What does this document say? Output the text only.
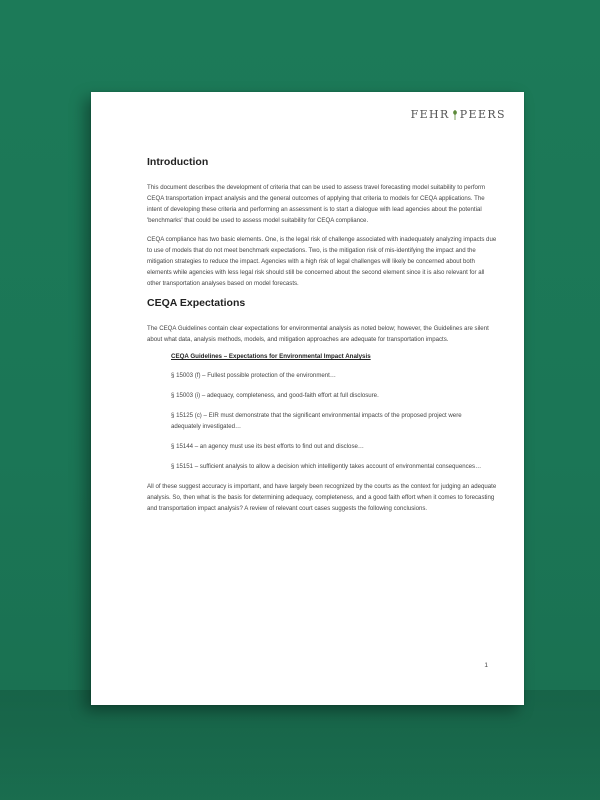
FEHR PEERS
Introduction

This document describes the development of criteria that can be used to assess travel forecasting model suitability to perform CEQA transportation impact analysis and the general outcomes of applying that criteria to models for CEQA applications. The intent of developing these criteria and performing an assessment is to start a dialogue with lead agencies about the potential 'benchmarks' that could be used to assess model suitability for CEQA compliance.

CEQA compliance has two basic elements. One, is the legal risk of challenge associated with inadequately analyzing impacts due to use of models that do not meet benchmark expectations. Two, is the mitigation risk of mis-identifying the impact and the mitigation strategies to reduce the impact. Agencies with a high risk of legal challenges will likely be concerned about both elements while agencies with less legal risk should still be concerned about the second element since it is also relevant for all other transportation analyses based on model forecasts.

CEQA Expectations

The CEQA Guidelines contain clear expectations for environmental analysis as noted below; however, the Guidelines are silent about what data, analysis methods, models, and mitigation approaches are adequate for transportation impacts.

CEQA Guidelines – Expectations for Environmental Impact Analysis
§ 15003 (f) – Fullest possible protection of the environment…
§ 15003 (i) – adequacy, completeness, and good-faith effort at full disclosure.
§ 15125 (c) – EIR must demonstrate that the significant environmental impacts of the proposed project were adequately investigated…
§ 15144 – an agency must use its best efforts to find out and disclose…
§ 15151 – sufficient analysis to allow a decision which intelligently takes account of environmental consequences…

All of these suggest accuracy is important, and have largely been recognized by the courts as the context for judging an adequate analysis. So, then what is the basis for determining adequacy, completeness, and a good faith effort when it comes to forecasting and transportation impact analysis? A review of relevant court cases suggests the following conclusions.

1
